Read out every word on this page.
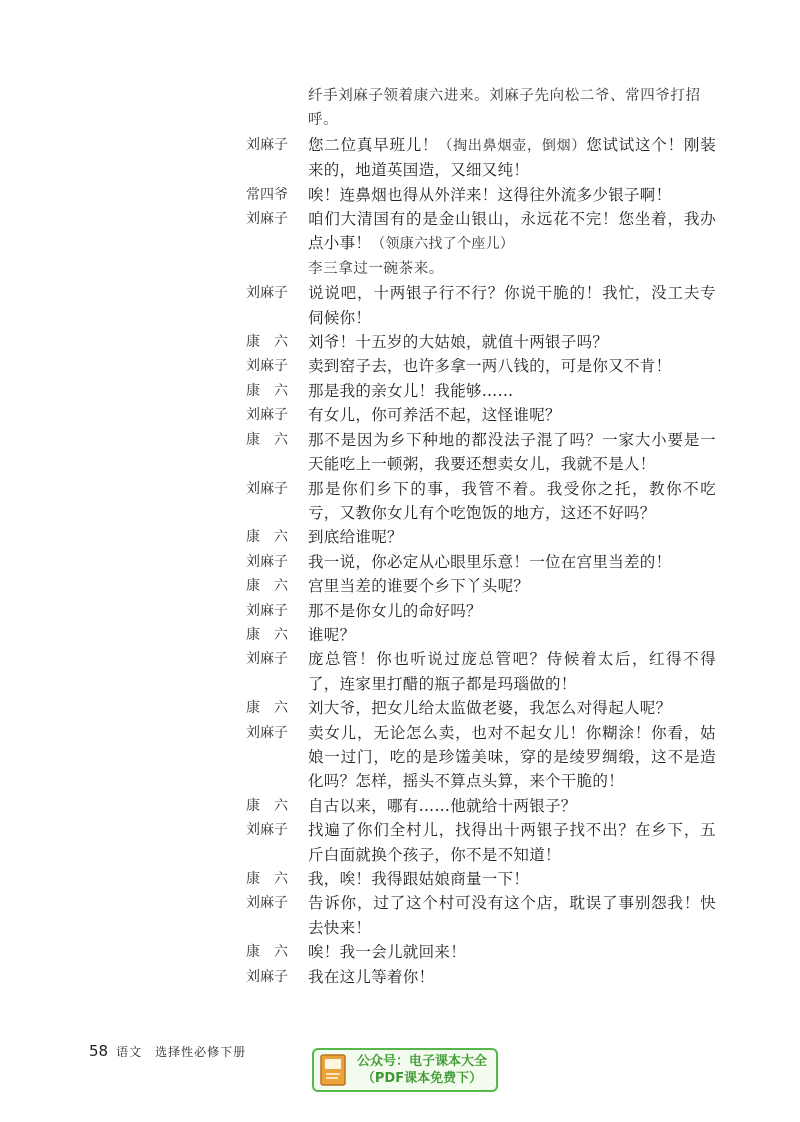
纤手刘麻子领着康六进来。刘麻子先向松二爷、常四爷打招呼。
刘麻子	您二位真早班儿！（掏出鼻烟壶，倒烟）您试试这个！刚装来的，地道英国造，又细又纯！
常四爷	唉！连鼻烟也得从外洋来！这得往外流多少银子啊！
刘麻子	咱们大清国有的是金山银山，永远花不完！您坐着，我办点小事！（领康六找了个座儿）
李三拿过一碗茶来。
刘麻子	说说吧，十两银子行不行？你说干脆的！我忙，没工夫专伺候你！
康　六	刘爷！十五岁的大姑娘，就值十两银子吗？
刘麻子	卖到窑子去，也许多拿一两八钱的，可是你又不肯！
康　六	那是我的亲女儿！我能够……
刘麻子	有女儿，你可养活不起，这怪谁呢？
康　六	那不是因为乡下种地的都没法子混了吗？一家大小要是一天能吃上一顿粥，我要还想卖女儿，我就不是人！
刘麻子	那是你们乡下的事，我管不着。我受你之托，教你不吃亏，又教你女儿有个吃饱饭的地方，这还不好吗？
康　六	到底给谁呢？
刘麻子	我一说，你必定从心眼里乐意！一位在宫里当差的！
康　六	宫里当差的谁要个乡下丫头呢？
刘麻子	那不是你女儿的命好吗？
康　六	谁呢？
刘麻子	庞总管！你也听说过庞总管吧？侍候着太后，红得不得了，连家里打醋的瓶子都是玛瑙做的！
康　六	刘大爷，把女儿给太监做老婆，我怎么对得起人呢？
刘麻子	卖女儿，无论怎么卖，也对不起女儿！你糊涂！你看，姑娘一过门，吃的是珍馐美味，穿的是绫罗绸缎，这不是造化吗？怎样，摇头不算点头算，来个干脆的！
康　六	自古以来，哪有……他就给十两银子？
刘麻子	找遍了你们全村儿，找得出十两银子找不出？在乡下，五斤白面就换个孩子，你不是不知道！
康　六	我，唉！我得跟姑娘商量一下！
刘麻子	告诉你，过了这个村可没有这个店，耽误了事别怨我！快去快来！
康　六	唉！我一会儿就回来！
刘麻子	我在这儿等着你！
58 语文　选择性必修下册
公众号：电子课本大全
（PDF课本免费下）
